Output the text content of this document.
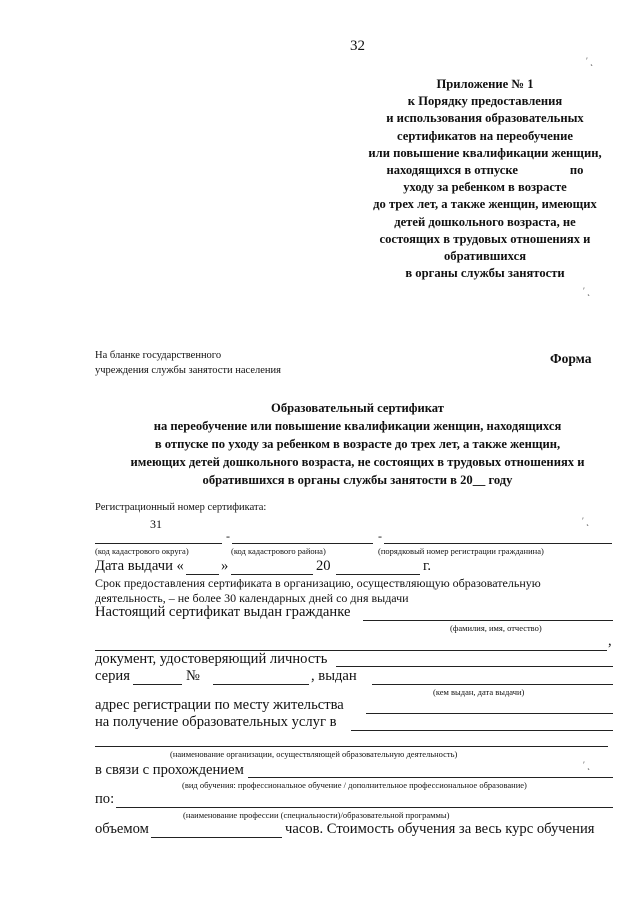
32
Приложение № 1
к Порядку предоставления
и использования образовательных
сертификатов на переобучение
или повышение квалификации женщин,
находящихся в отпуске	по
уходу за ребенком в возрасте
до трех лет, а также женщин, имеющих
детей дошкольного возраста, не
состоящих в трудовых отношениях и
обратившихся
в органы службы занятости
′ ˛
′ ˛
На бланке государственного
учреждения службы занятости населения
Форма
Образовательный сертификат
на переобучение или повышение квалификации женщин, находящихся
в отпуске по уходу за ребенком в возрасте до трех лет, а также женщин,
имеющих детей дошкольного возраста, не состоящих в трудовых отношениях и
обратившихся в органы службы занятости в 20__ году
Регистрационный номер сертификата:
31
-	-
(код кадастрового округа)	(код кадастрового района)	(порядковый номер регистрации гражданина)
′ ˛
Дата выдачи «	»	20	г.
Срок предоставления сертификата в организацию, осуществляющую образовательную
деятельность, – не более 30 календарных дней со дня выдачи
Настоящий сертификат выдан гражданке
(фамилия, имя, отчество)
,
документ, удостоверяющий личность
серия	№	, выдан
(кем выдан, дата выдачи)
адрес регистрации по месту жительства
на получение образовательных услуг в
(наименование организации, осуществляющей образовательную деятельность)
в связи с прохождением
(вид обучения: профессиональное обучение / дополнительное профессиональное образование)
′ ˛
по:
(наименование профессии (специальности)/образовательной программы)
объемом	часов. Стоимость обучения за весь курс обучения
